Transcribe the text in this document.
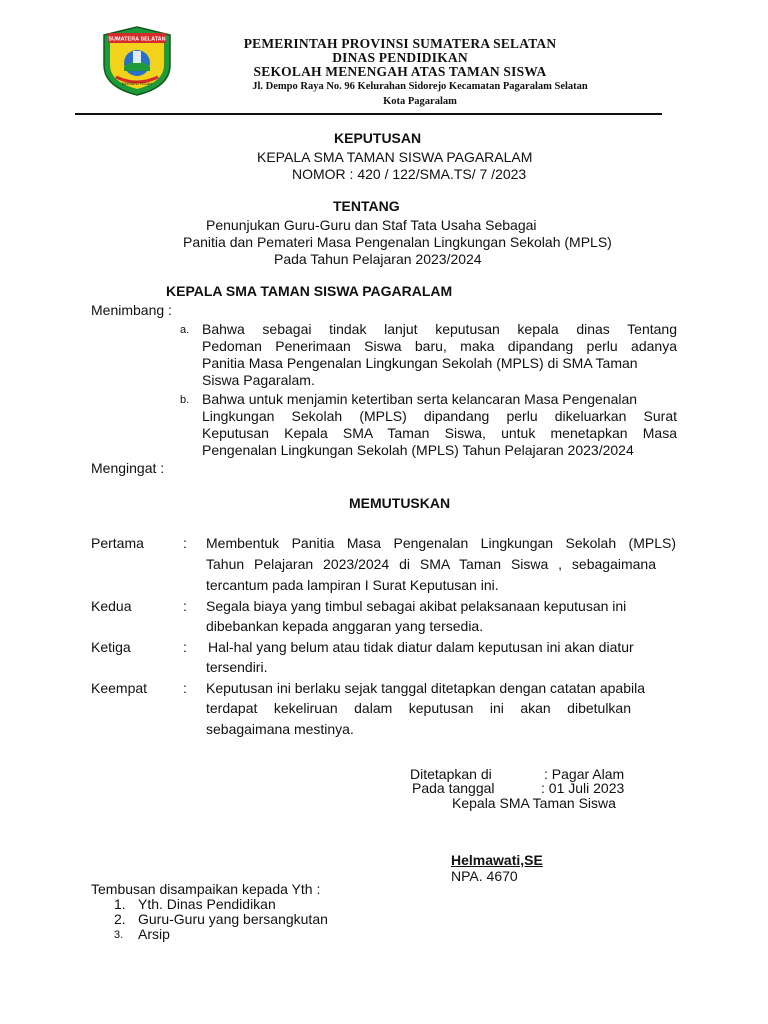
SUMATERA SELATAN
BERSATU TEGUH
PEMERINTAH PROVINSI SUMATERA SELATAN
DINAS PENDIDIKAN
SEKOLAH MENENGAH ATAS TAMAN SISWA
Jl. Dempo Raya No. 96 Kelurahan Sidorejo Kecamatan Pagaralam Selatan
Kota Pagaralam
KEPUTUSAN
KEPALA SMA TAMAN SISWA PAGARALAM
NOMOR : 420 / 122/SMA.TS/ 7 /2023
TENTANG
Penunjukan Guru-Guru dan Staf Tata Usaha Sebagai
Panitia dan Pemateri Masa Pengenalan Lingkungan Sekolah (MPLS)
Pada Tahun Pelajaran 2023/2024
KEPALA SMA TAMAN SISWA PAGARALAM
Menimbang :
a. Bahwa sebagai tindak lanjut keputusan kepala dinas Tentang
Pedoman Penerimaan Siswa baru, maka dipandang perlu adanya
Panitia Masa Pengenalan Lingkungan Sekolah (MPLS) di SMA Taman
Siswa Pagaralam.
b. Bahwa untuk menjamin ketertiban serta kelancaran Masa Pengenalan
Lingkungan Sekolah (MPLS) dipandang perlu dikeluarkan Surat
Keputusan Kepala SMA Taman Siswa, untuk menetapkan Masa
Pengenalan Lingkungan Sekolah (MPLS) Tahun Pelajaran 2023/2024
Mengingat :
MEMUTUSKAN
Pertama	: Membentuk Panitia Masa Pengenalan Lingkungan Sekolah (MPLS)
Tahun Pelajaran 2023/2024 di SMA Taman Siswa , sebagaimana
tercantum pada lampiran I Surat Keputusan ini.
Kedua	: Segala biaya yang timbul sebagai akibat pelaksanaan keputusan ini
dibebankan kepada anggaran yang tersedia.
Ketiga	: Hal-hal yang belum atau tidak diatur dalam keputusan ini akan diatur
tersendiri.
Keempat	: Keputusan ini berlaku sejak tanggal ditetapkan dengan catatan apabila
terdapat kekeliruan dalam keputusan ini akan dibetulkan
sebagaimana mestinya.
Ditetapkan di	: Pagar Alam
Pada tanggal	: 01 Juli 2023
Kepala SMA Taman Siswa
Helmawati,SE
NPA. 4670
Tembusan disampaikan kepada Yth :
1. Yth. Dinas Pendidikan
2. Guru-Guru yang bersangkutan
3. Arsip
